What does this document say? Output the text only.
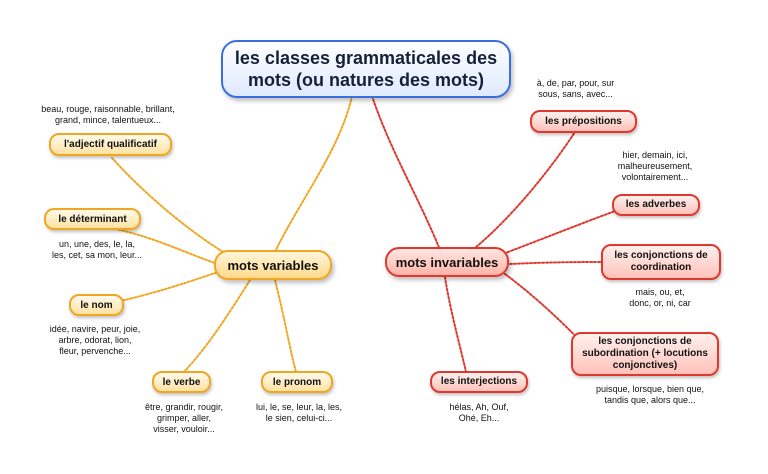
les classes grammaticales des
mots (ou natures des mots)
mots variables	mots invariables
beau, rouge, raisonnable, brillant,
grand, mince, talentueux...
l'adjectif qualificatif
le déterminant
un, une, des, le, la,
les, cet, sa mon, leur...
le nom
idée, navire, peur, joie,
arbre, odorat, lion,
fleur, pervenche...
le verbe
être, grandir, rougir,
grimper, aller,
visser, vouloir...
le pronom
lui, le, se, leur, la, les,
le sien, celui-ci...
à, de, par, pour, sur
sous, sans, avec...
les prépositions
hier, demain, ici,
malheureusement,
volontairement...
les adverbes
les conjonctions de
coordination
mais, ou, et,
donc, or, ni, car
les conjonctions de
subordination (+ locutions
conjonctives)
puisque, lorsque, bien que,
tandis que, alors que...
les interjections
hélas, Ah, Ouf,
Ohé, Eh...
